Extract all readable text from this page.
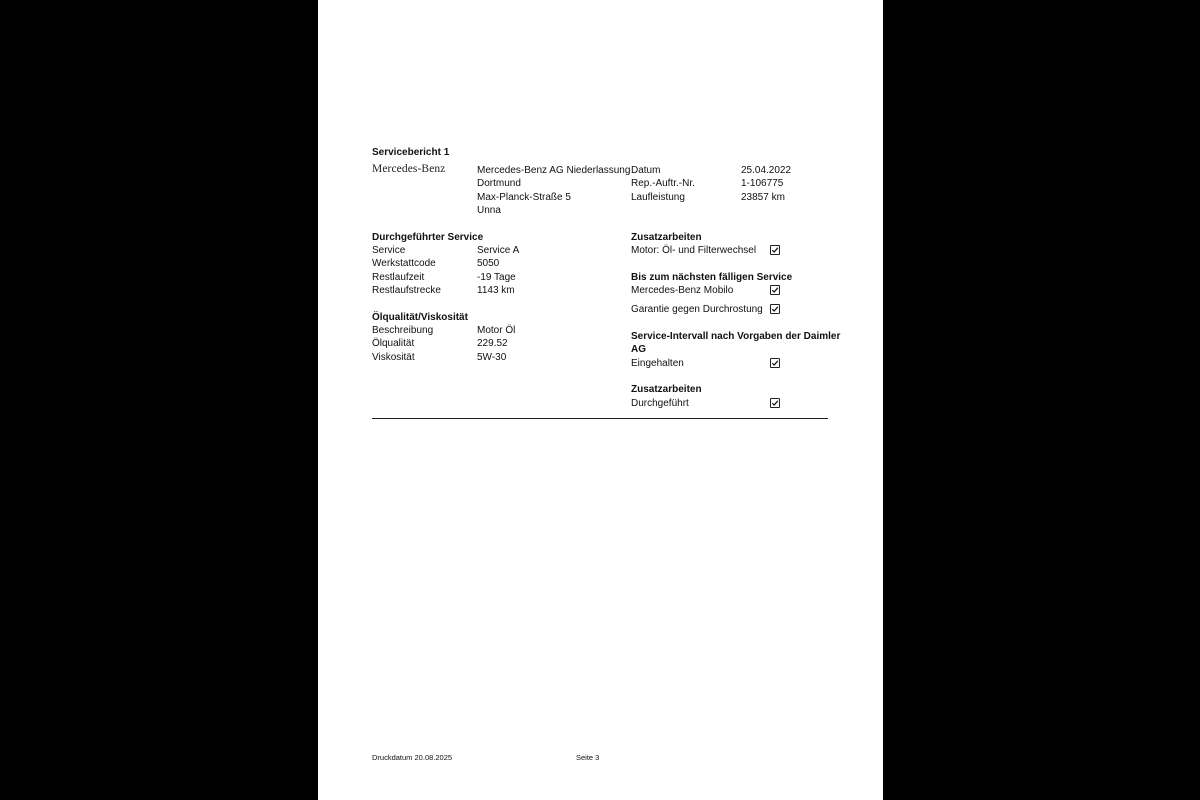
Servicebericht 1
Mercedes-Benz	Mercedes-Benz AG Niederlassung
Dortmund
Max-Planck-Straße 5
Unna
Datum	25.04.2022
Rep.-Auftr.-Nr.	1-106775
Laufleistung	23857 km
Durchgeführter Service
Service	Service A
Werkstattcode	5050
Restlaufzeit	-19 Tage
Restlaufstrecke	1143 km
Ölqualität/Viskosität
Beschreibung	Motor Öl
Ölqualität	229.52
Viskosität	5W-30
Zusatzarbeiten
Motor: Öl- und Filterwechsel
Bis zum nächsten fälligen Service
Mercedes-Benz Mobilo
Garantie gegen Durchrostung
Service-Intervall nach Vorgaben der Daimler
AG
Eingehalten
Zusatzarbeiten
Durchgeführt
Druckdatum 20.08.2025	Seite 3
